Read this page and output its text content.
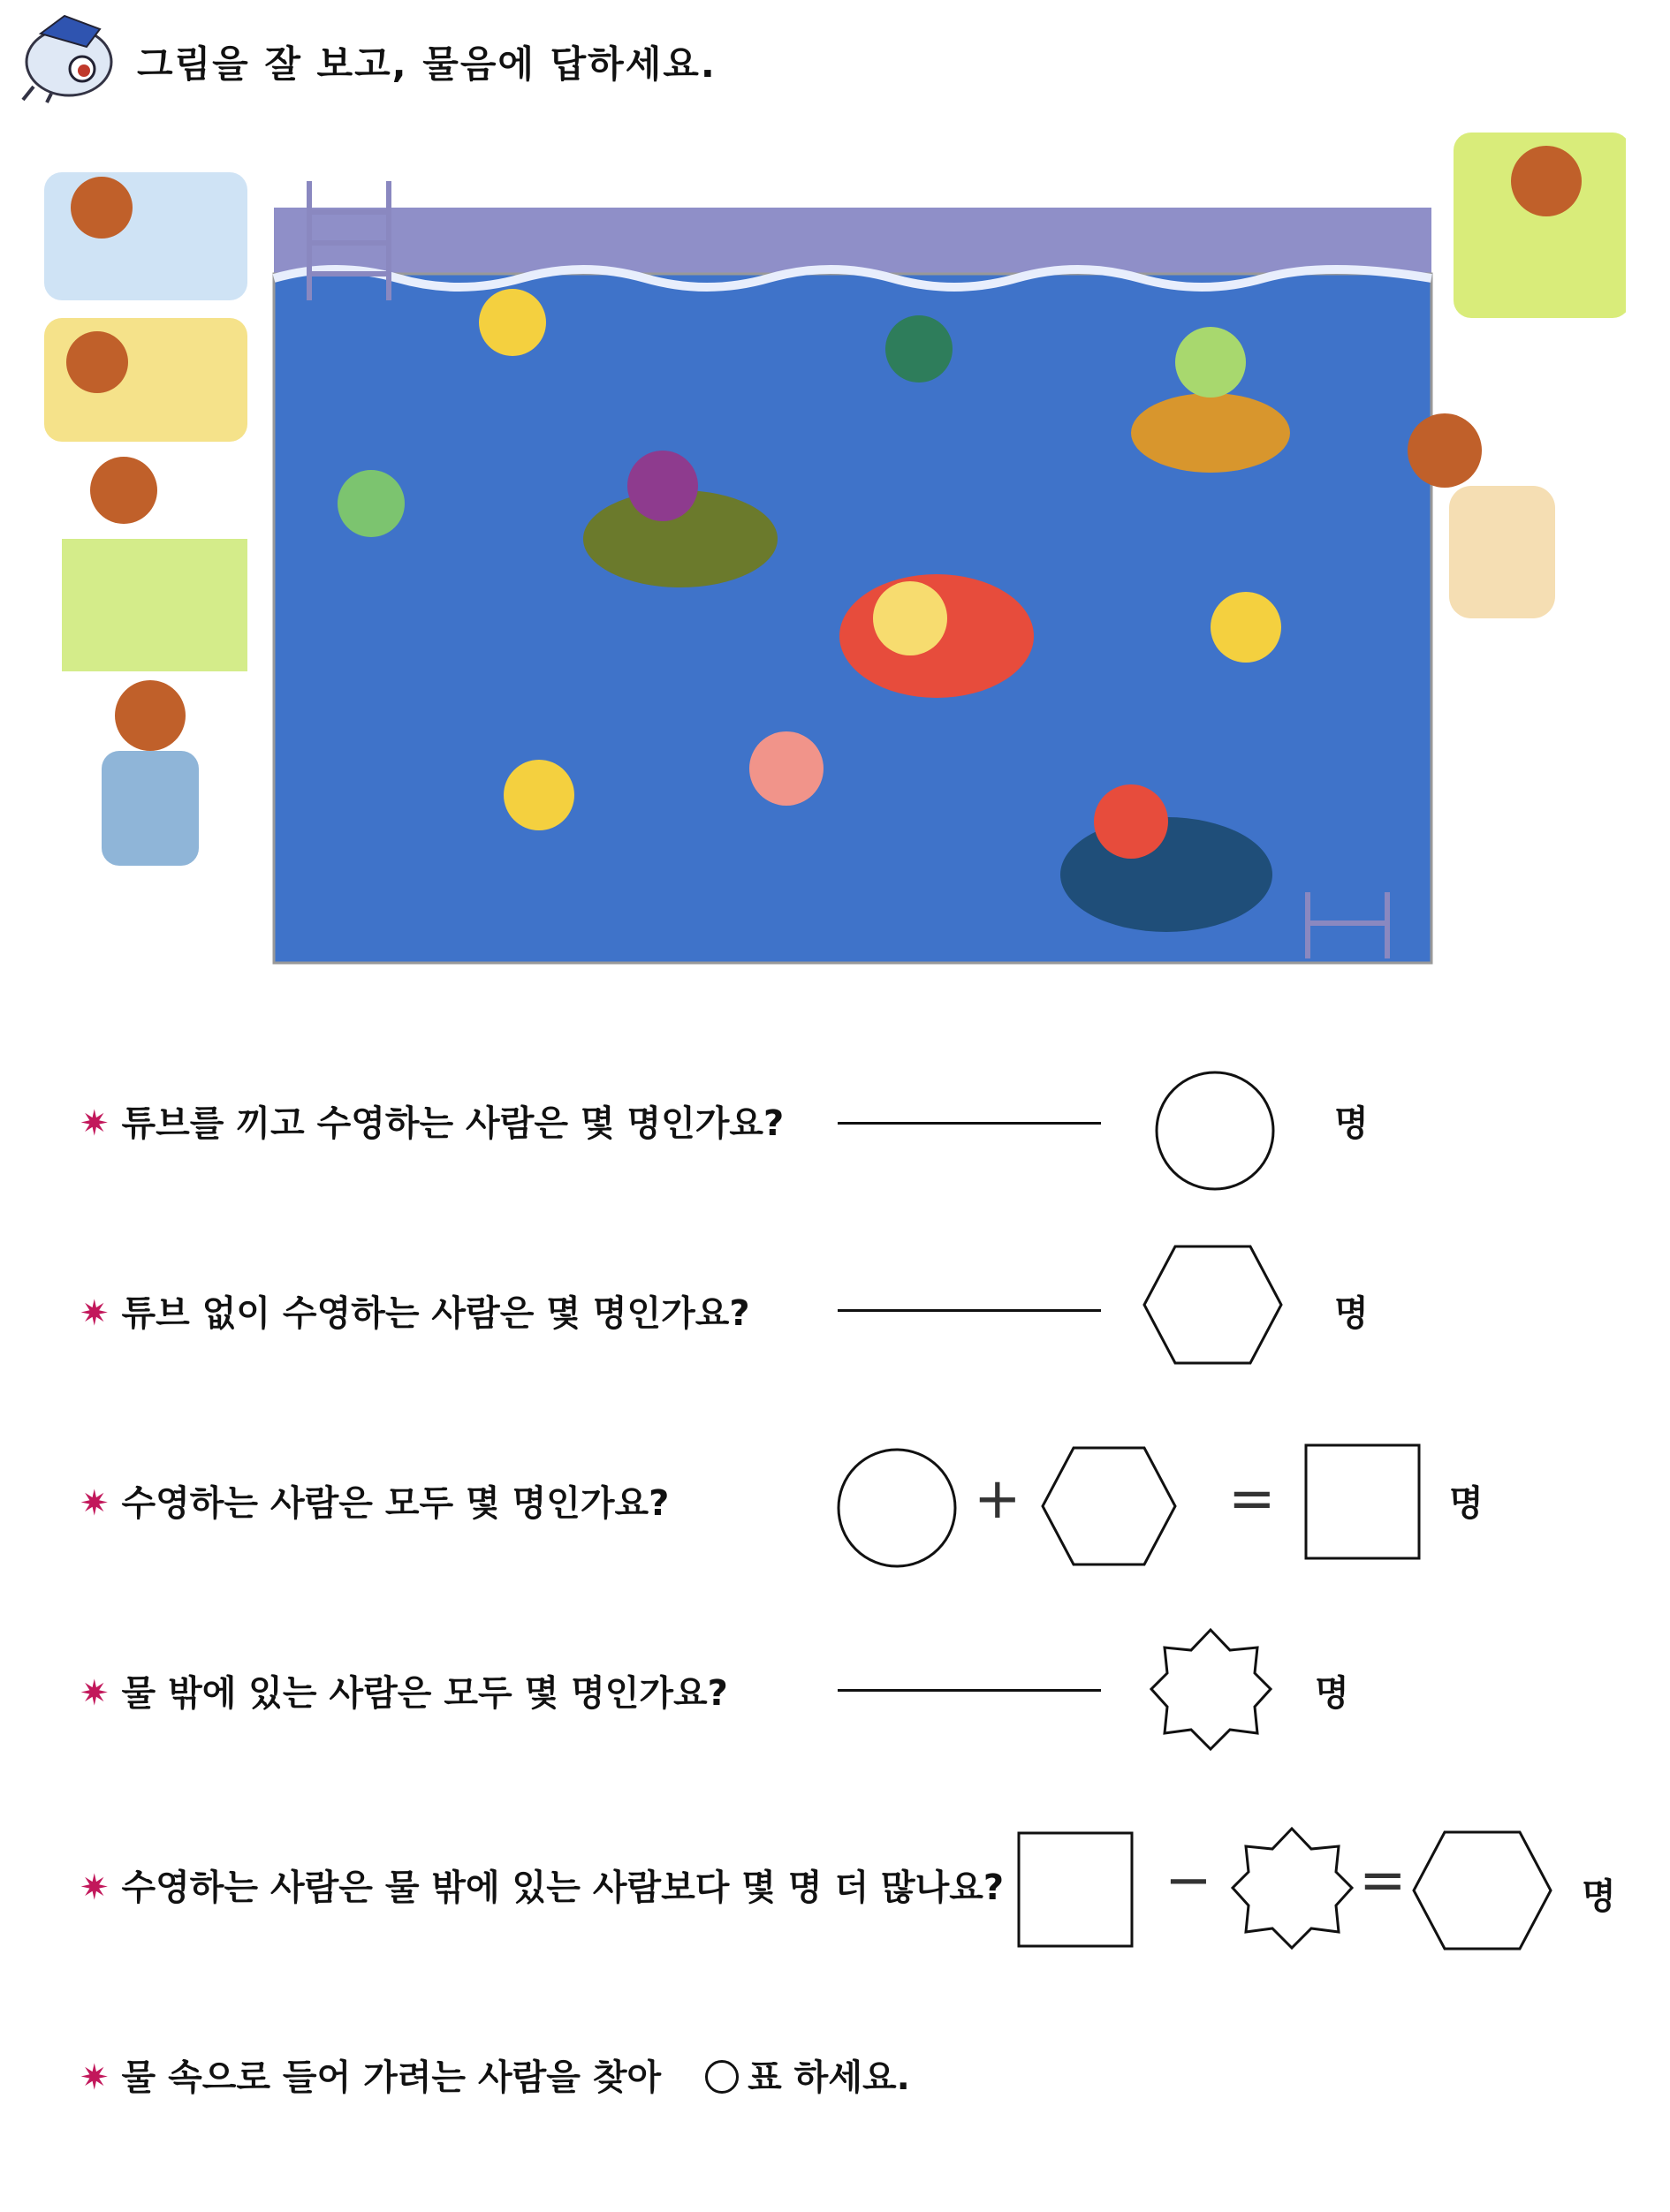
그림을 잘 보고, 물음에 답하세요.
✷ 튜브를 끼고 수영하는 사람은 몇 명인가요?	명
✷ 튜브 없이 수영하는 사람은 몇 명인가요?	명
✷ 수영하는 사람은 모두 몇 명인가요?	+	=	명
✷ 물 밖에 있는 사람은 모두 몇 명인가요?	명
✷ 수영하는 사람은 물 밖에 있는 사람보다 몇 명 더 많나요?	−	=	명
✷ 물 속으로 들어 가려는 사람을 찾아 ○ 표 하세요.
